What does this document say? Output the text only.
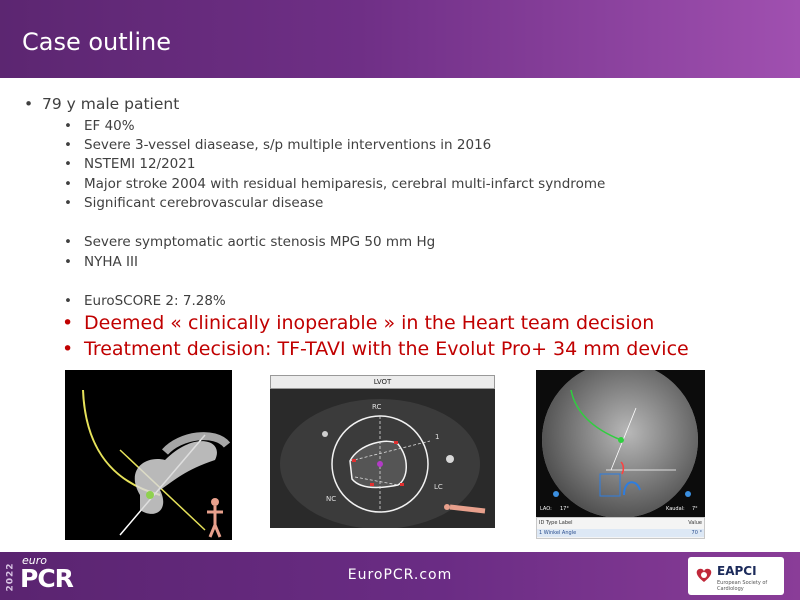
Case outline
• 79 y male patient
• EF 40%
• Severe 3-vessel diasease, s/p multiple interventions in 2016
• NSTEMI 12/2021
• Major stroke 2004 with residual hemiparesis, cerebral multi-infarct syndrome
• Significant cerebrovascular disease
• Severe symptomatic aortic stenosis MPG 50 mm Hg
• NYHA III
• EuroSCORE 2: 7.28%
• Deemed « clinically inoperable » in the Heart team decision
• Treatment decision: TF-TAVI with the Evolut Pro+ 34 mm device
LVOT
RC
NC
LC
1
LAO: 17°	Kaudal: 7°
ID Type Label	Value
1 Winkel Angle	70 °
2022
euro
PCR	EuroPCR.com	EAPCI
European Society of Cardiology
